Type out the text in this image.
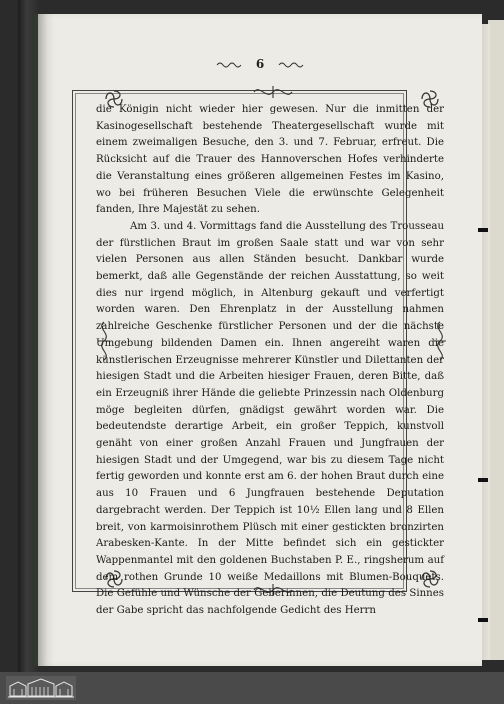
6

die Königin nicht wieder hier gewesen. Nur die inmitten der Kasinogesellschaft bestehende Theatergesellschaft wurde mit einem zweimaligen Besuche, den 3. und 7. Februar, erfreut. Die Rücksicht auf die Trauer des Hannoverschen Hofes verhinderte die Veranstaltung eines größeren allgemeinen Festes im Kasino, wo bei früheren Besuchen Viele die erwünschte Gelegenheit fanden, Ihre Majestät zu sehen.

Am 3. und 4. Vormittags fand die Ausstellung des Trousseau der fürstlichen Braut im großen Saale statt und war von sehr vielen Personen aus allen Ständen besucht. Dankbar wurde bemerkt, daß alle Gegenstände der reichen Ausstattung, so weit dies nur irgend möglich, in Altenburg gekauft und verfertigt worden waren. Den Ehrenplatz in der Ausstellung nahmen zahlreiche Geschenke fürstlicher Personen und der die nächste Umgebung bildenden Damen ein. Ihnen angereiht waren die künstlerischen Erzeugnisse mehrerer Künstler und Dilettanten der hiesigen Stadt und die Arbeiten hiesiger Frauen, deren Bitte, daß ein Erzeugniß ihrer Hände die geliebte Prinzessin nach Oldenburg möge begleiten dürfen, gnädigst gewährt worden war. Die bedeutendste derartige Arbeit, ein großer Teppich, kunstvoll genäht von einer großen Anzahl Frauen und Jungfrauen der hiesigen Stadt und der Umgegend, war bis zu diesem Tage nicht fertig geworden und konnte erst am 6. der hohen Braut durch eine aus 10 Frauen und 6 Jungfrauen bestehende Deputation dargebracht werden. Der Teppich ist 10½ Ellen lang und 8 Ellen breit, von karmoisinrothem Plüsch mit einer gestickten bronzirten Arabesken-Kante. In der Mitte befindet sich ein gestickter Wappenmantel mit den goldenen Buchstaben P. E., ringsherum auf dem rothen Grunde 10 weiße Medaillons mit Blumen-Bouquets. Die Gefühle und Wünsche der Geberinnen, die Deutung des Sinnes der Gabe spricht das nachfolgende Gedicht des Herrn
